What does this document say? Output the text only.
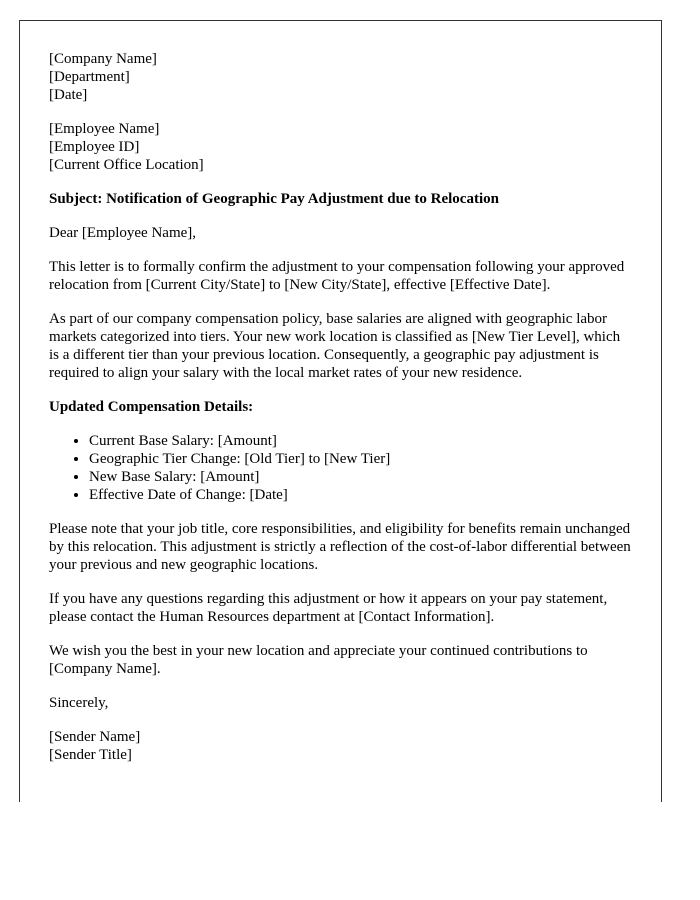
[Company Name]
[Department]
[Date]

[Employee Name]
[Employee ID]
[Current Office Location]

Subject: Notification of Geographic Pay Adjustment due to Relocation

Dear [Employee Name],

This letter is to formally confirm the adjustment to your compensation following your approved relocation from [Current City/State] to [New City/State], effective [Effective Date].

As part of our company compensation policy, base salaries are aligned with geographic labor markets categorized into tiers. Your new work location is classified as [New Tier Level], which is a different tier than your previous location. Consequently, a geographic pay adjustment is required to align your salary with the local market rates of your new residence.

Updated Compensation Details:

• Current Base Salary: [Amount]
• Geographic Tier Change: [Old Tier] to [New Tier]
• New Base Salary: [Amount]
• Effective Date of Change: [Date]

Please note that your job title, core responsibilities, and eligibility for benefits remain unchanged by this relocation. This adjustment is strictly a reflection of the cost-of-labor differential between your previous and new geographic locations.

If you have any questions regarding this adjustment or how it appears on your pay statement, please contact the Human Resources department at [Contact Information].

We wish you the best in your new location and appreciate your continued contributions to [Company Name].

Sincerely,

[Sender Name]
[Sender Title]
